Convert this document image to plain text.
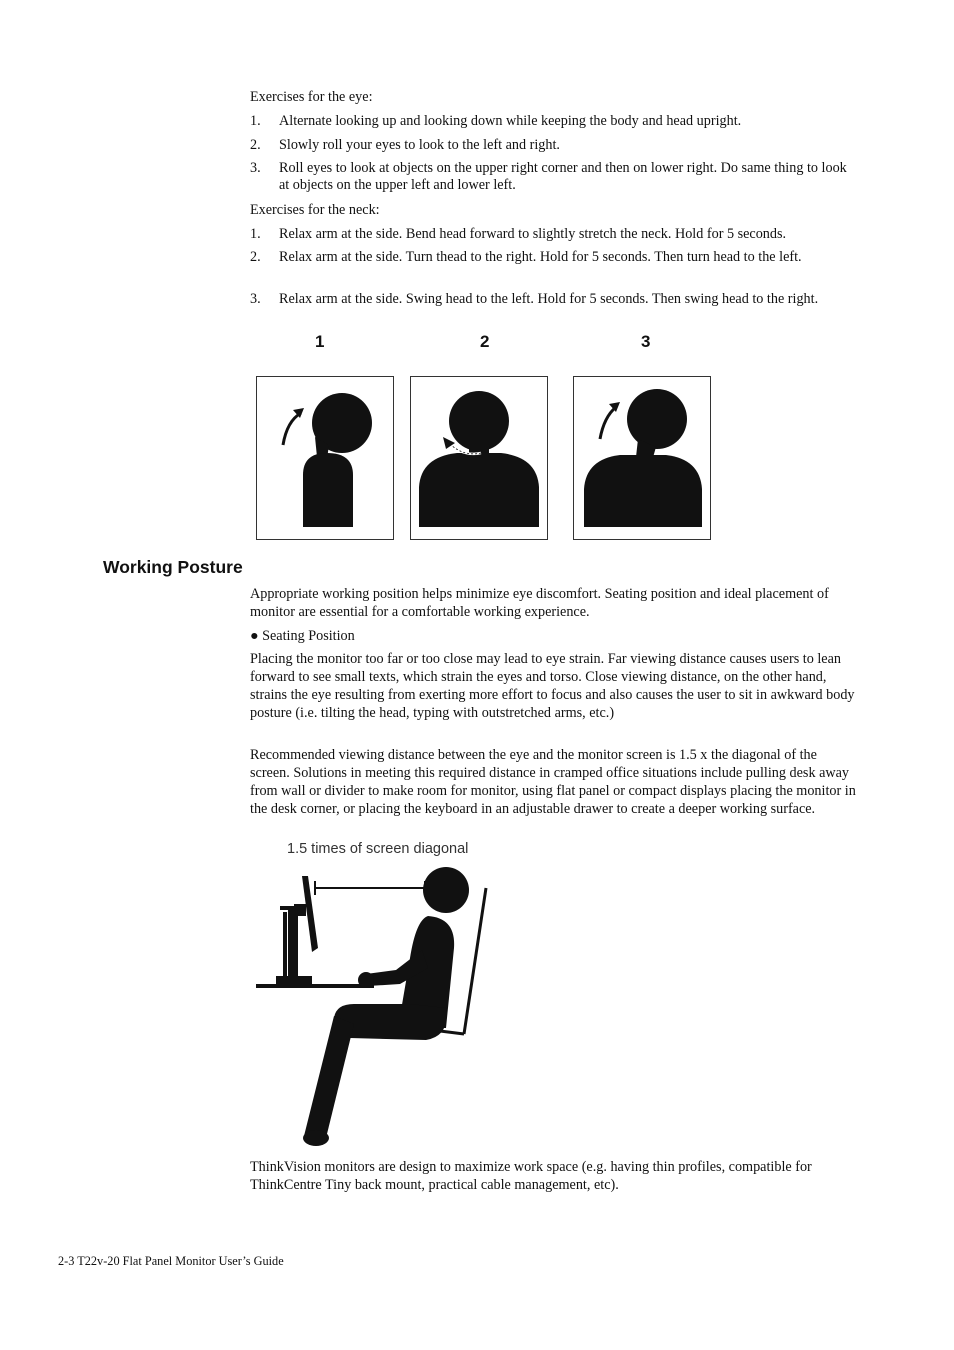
Exercises for the eye:
1. Alternate looking up and looking down while keeping the body and head upright.
2. Slowly roll your eyes to look to the left and right.
3. Roll eyes to look at objects on the upper right corner and then on lower right. Do same thing to look at objects on the upper left and lower left.
Exercises for the neck:
1. Relax arm at the side. Bend head forward to slightly stretch the neck. Hold for 5 seconds.
2. Relax arm at the side. Turn thead to the right. Hold for 5 seconds. Then turn head to the left.
3. Relax arm at the side. Swing head to the left. Hold for 5 seconds. Then swing head to the right.
1	2	3
Working Posture
Appropriate working position helps minimize eye discomfort. Seating position and ideal placement of monitor are essential for a comfortable working experience.
● Seating Position
Placing the monitor too far or too close may lead to eye strain. Far viewing distance causes users to lean forward to see small texts, which strain the eyes and torso. Close viewing distance, on the other hand, strains the eye resulting from exerting more effort to focus and also causes the user to sit in awkward body posture (i.e. tilting the head, typing with outstretched arms, etc.)
Recommended viewing distance between the eye and the monitor screen is 1.5 x the diagonal of the screen. Solutions in meeting this required distance in cramped office situations include pulling desk away from wall or divider to make room for monitor, using flat panel or compact displays placing the monitor in the desk corner, or placing the keyboard in an adjustable drawer to create a deeper working surface.
1.5 times of screen diagonal
ThinkVision monitors are design to maximize work space (e.g. having thin profiles, compatible for ThinkCentre Tiny back mount, practical cable management, etc).
2-3 T22v-20 Flat Panel Monitor User’s Guide
